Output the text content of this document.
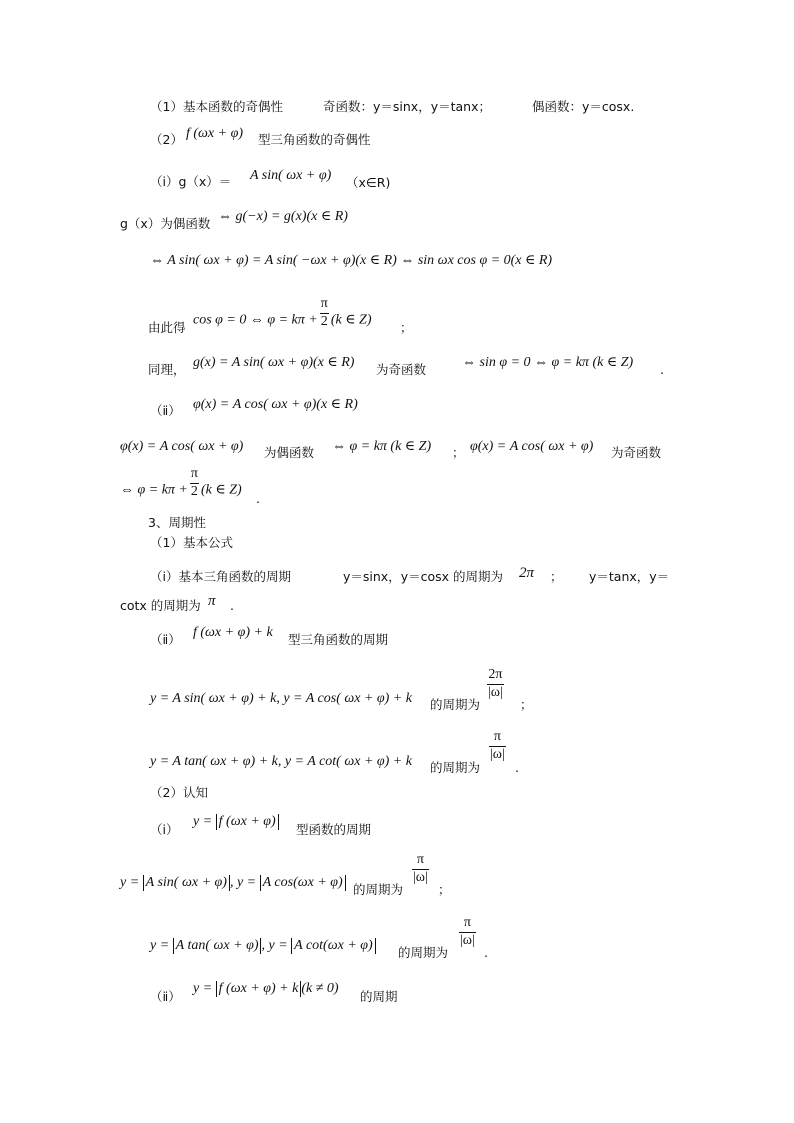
（1）基本函数的奇偶性	奇函数：y＝sinx，y＝tanx；	偶函数：y＝cosx.
（2） f (ωx + φ) 型三角函数的奇偶性
（ⅰ）g（x）＝ A sin( ωx + φ) （x∈R)
g（x）为偶函数 ⇔ g(−x) = g(x)(x ∈ R)
⇔ A sin( ωx + φ) = A sin( −ωx + φ)(x ∈ R) ⇔ sin ωx cos φ = 0(x ∈ R)
由此得
cos φ = 0 ⇔ $\varphi = k\pi + \frac{\pi}{2} (k$ ∈ Z)
；
同理， g(x) = A sin( ωx + φ)(x ∈ R) 为奇函数	⇔ sin φ = 0 ⇔ φ = kπ (k ∈ Z) .
（ⅱ） φ(x) = A cos( ωx + φ)(x ∈ R)
φ(x) = A cos( ωx + φ) 为偶函数 ⇔ φ = kπ (k ∈ Z) ； φ(x) = A cos( ωx + φ) 为奇函数
⇔ $\varphi = k\pi + \frac{\pi}{2} (k$ ∈ Z)
.
3、周期性
（1）基本公式
（ⅰ）基本三角函数的周期	y＝sinx，y＝cosx 的周期为 2π ； y＝tanx，y＝
cotx 的周期为 π .
（ⅱ） f (ωx + φ) + k 型三角函数的周期
y = A sin( ωx + φ) + k, y = A cos( ωx + φ) + k 的周期为
$\frac{2\pi}{|\omega|}$
；
y = A tan( ωx + φ) + k, y = A cot( ωx + φ) + k 的周期为
$\frac{\pi}{|\omega|}$
.
（2）认知
（ⅰ）
y = f (ωx + φ)
型函数的周期
y = A sin( ωx + φ) , y = A cos(ωx + φ) 的周期为
$\frac{\pi}{|\omega|}$
；
y = A tan( ωx + φ) , y = A cot(ωx + φ) 的周期为
$\frac{\pi}{|\omega|}$
.
（ⅱ）
y = f (ωx + φ) + k (k ≠ 0)
的周期
